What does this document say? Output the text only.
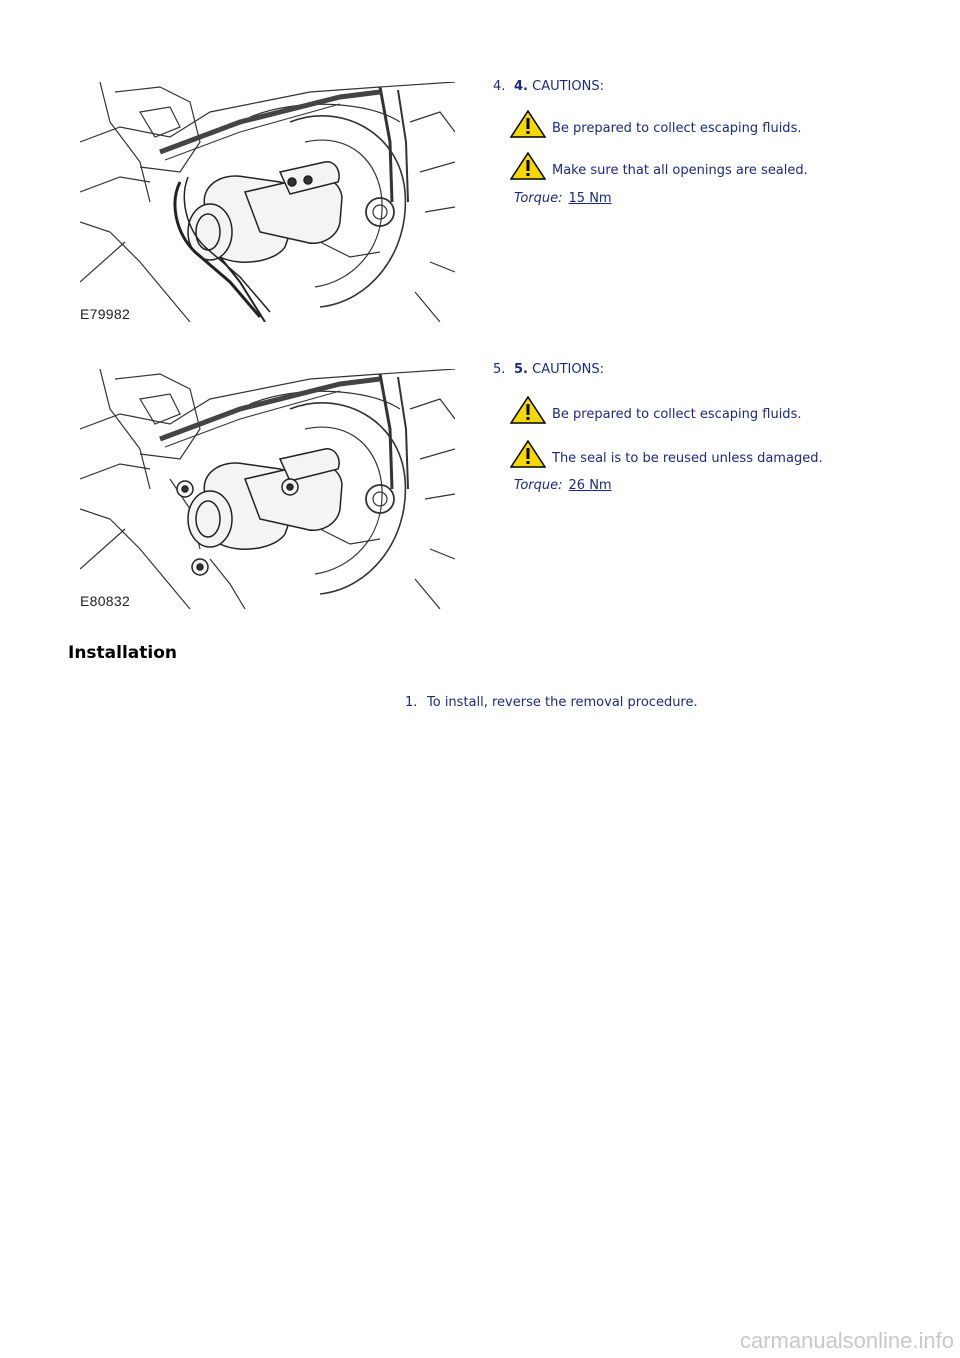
E79982
4. 4. CAUTIONS:
Be prepared to collect escaping fluids.
Make sure that all openings are sealed.
Torque: 15 Nm
E80832
5. 5. CAUTIONS:
Be prepared to collect escaping fluids.
The seal is to be reused unless damaged.
Torque: 26 Nm
Installation
1. To install, reverse the removal procedure.
carmanualsonline.info
